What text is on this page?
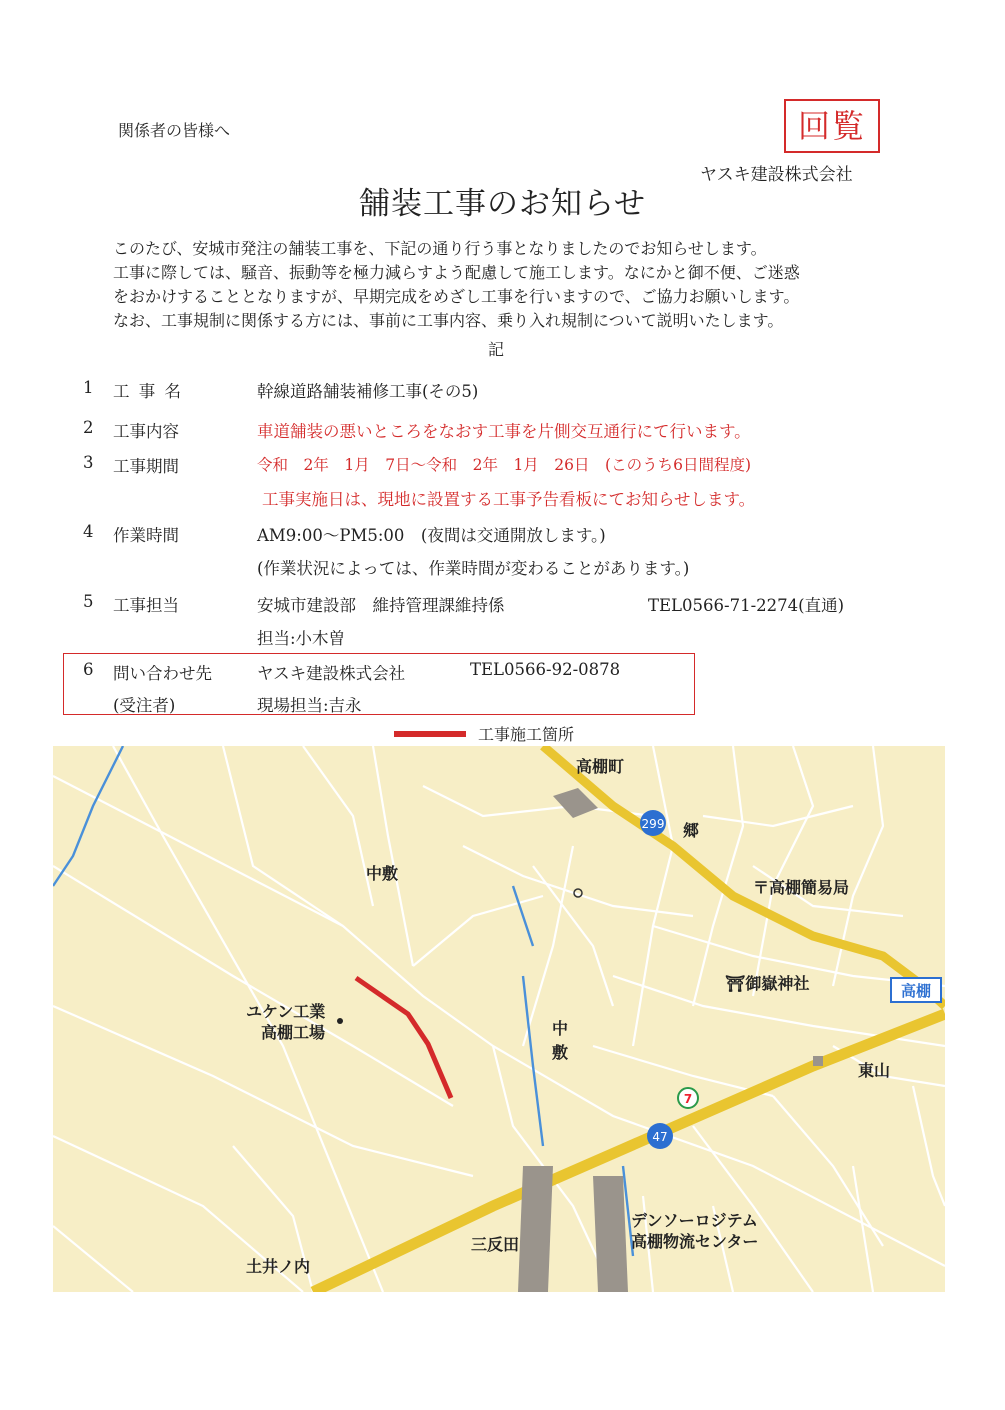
関係者の皆様へ	回覧
ヤスキ建設株式会社
舗装工事のお知らせ
このたび、安城市発注の舗装工事を、下記の通り行う事となりましたのでお知らせします。
工事に際しては、騒音、振動等を極力減らすよう配慮して施工します。なにかと御不便、ご迷惑
をおかけすることとなりますが、早期完成をめざし工事を行いますので、ご協力お願いします。
なお、工事規制に関係する方には、事前に工事内容、乗り入れ規制について説明いたします。
記
1 工 事 名	幹線道路舗装補修工事(その5)
2 工事内容	車道舗装の悪いところをなおす工事を片側交互通行にて行います。
3 工事期間	令和　2年　1月　7日〜令和　2年　1月　26日　(このうち6日間程度)
工事実施日は、現地に設置する工事予告看板にてお知らせします。
4 作業時間	AM9:00〜PM5:00　(夜間は交通開放します。)
(作業状況によっては、作業時間が変わることがあります。)
5 工事担当	安城市建設部　維持管理課維持係	TEL0566-71-2274(直通)
担当:小木曽
6 問い合わせ先	ヤスキ建設株式会社	TEL0566-92-0878
(受注者)	現場担当:吉永
工事施工箇所
299
47
7
高棚
高棚町
郷
中敷
〒高棚簡易局
⛩御嶽神社
ユケン工業
高棚工場	中
敷
東山
三反田
デンソーロジテム
高棚物流センター
土井ノ内
